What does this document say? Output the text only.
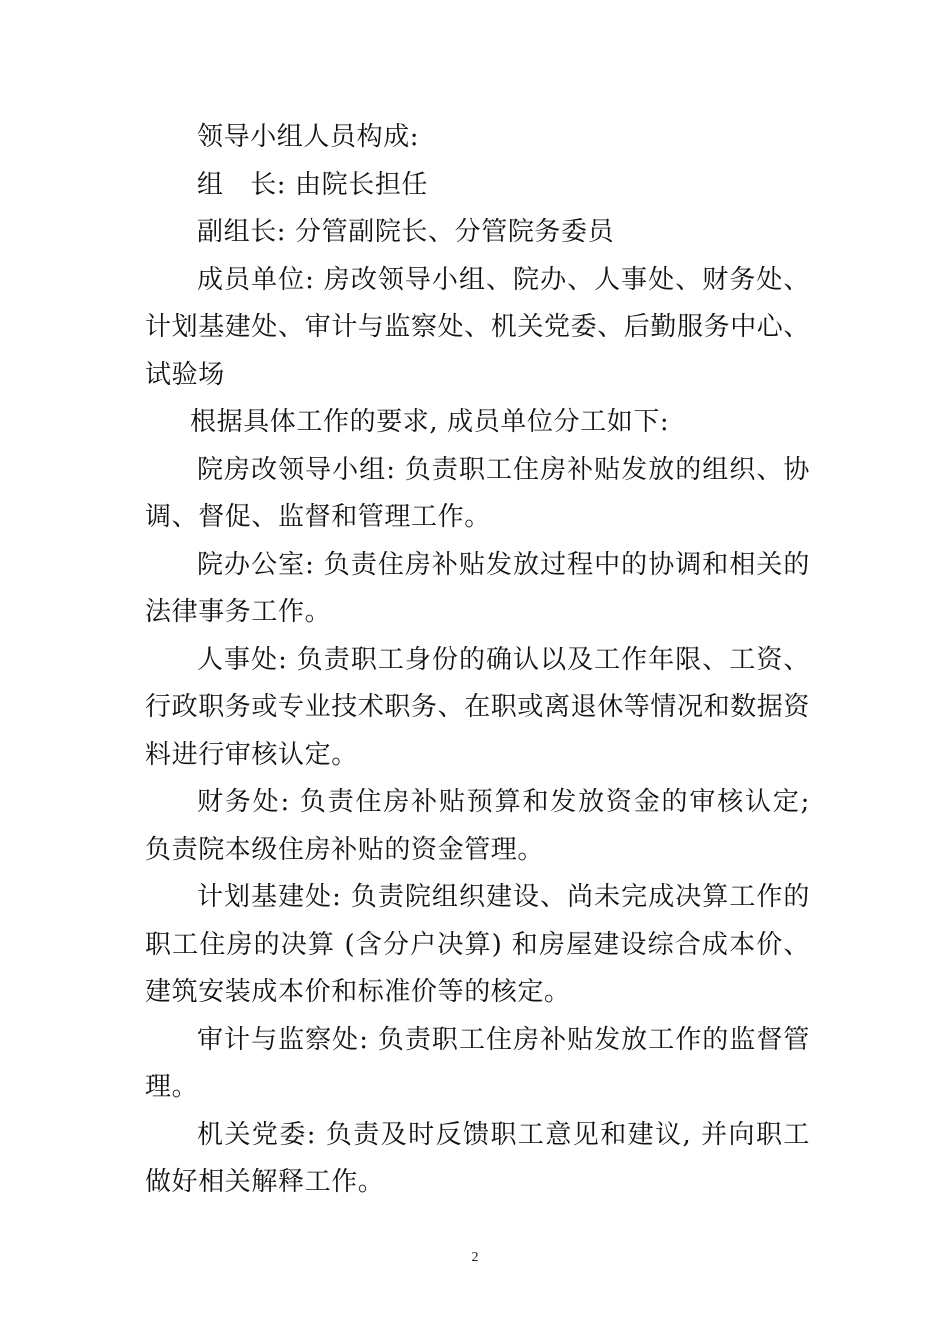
领导小组人员构成:

组　长: 由院长担任

副组长: 分管副院长、分管院务委员

成员单位: 房改领导小组、院办、人事处、财务处、计划基建处、审计与监察处、机关党委、后勤服务中心、试验场

根据具体工作的要求, 成员单位分工如下:

院房改领导小组: 负责职工住房补贴发放的组织、协调、督促、监督和管理工作。

院办公室: 负责住房补贴发放过程中的协调和相关的法律事务工作。

人事处: 负责职工身份的确认以及工作年限、工资、行政职务或专业技术职务、在职或离退休等情况和数据资料进行审核认定。

财务处: 负责住房补贴预算和发放资金的审核认定; 负责院本级住房补贴的资金管理。

计划基建处: 负责院组织建设、尚未完成决算工作的职工住房的决算 (含分户决算) 和房屋建设综合成本价、建筑安装成本价和标准价等的核定。

审计与监察处: 负责职工住房补贴发放工作的监督管理。

机关党委: 负责及时反馈职工意见和建议, 并向职工做好相关解释工作。

2
